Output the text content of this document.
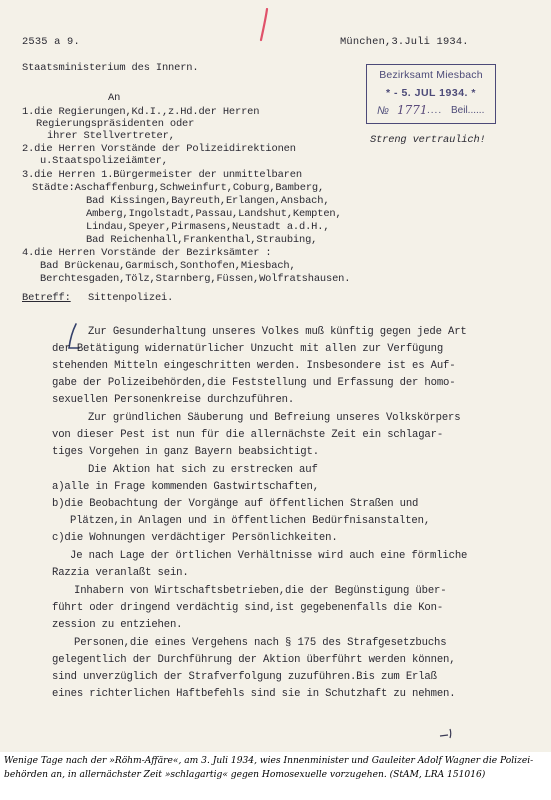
2535 a 9.	München,3.Juli 1934.
Staatsministerium des Innern.
An
1.die Regierungen,Kd.I.,z.Hd.der Herren
Regierungspräsidenten oder
ihrer Stellvertreter,
2.die Herren Vorstände der Polizeidirektionen
u.Staatspolizeiämter,
3.die Herren 1.Bürgermeister der unmittelbaren
Städte:Aschaffenburg,Schweinfurt,Coburg,Bamberg,
Bad Kissingen,Bayreuth,Erlangen,Ansbach,
Amberg,Ingolstadt,Passau,Landshut,Kempten,
Lindau,Speyer,Pirmasens,Neustadt a.d.H.,
Bad Reichenhall,Frankenthal,Straubing,
4.die Herren Vorstände der Bezirksämter :
Bad Brückenau,Garmisch,Sonthofen,Miesbach,
Berchtesgaden,Tölz,Starnberg,Füssen,Wolfratshausen.
Bezirksamt Miesbach
* - 5. JUL 1934. *
№ 1771 .... Beil......
Streng vertraulich!
Betreff: Sittenpolizei.
Zur Gesunderhaltung unseres Volkes muß künftig gegen jede Art
der Betätigung widernatürlicher Unzucht mit allen zur Verfügung
stehenden Mitteln eingeschritten werden. Insbesondere ist es Auf-
gabe der Polizeibehörden,die Feststellung und Erfassung der homo-
sexuellen Personenkreise durchzuführen.
Zur gründlichen Säuberung und Befreiung unseres Volkskörpers
von dieser Pest ist nun für die allernächste Zeit ein schlagar-
tiges Vorgehen in ganz Bayern beabsichtigt.
Die Aktion hat sich zu erstrecken auf
a)alle in Frage kommenden Gastwirtschaften,
b)die Beobachtung der Vorgänge auf öffentlichen Straßen und
Plätzen,in Anlagen und in öffentlichen Bedürfnisanstalten,
c)die Wohnungen verdächtiger Persönlichkeiten.
Je nach Lage der örtlichen Verhältnisse wird auch eine förmliche
Razzia veranlaßt sein.
Inhabern von Wirtschaftsbetrieben,die der Begünstigung über-
führt oder dringend verdächtig sind,ist gegebenenfalls die Kon-
zession zu entziehen.
Personen,die eines Vergehens nach § 175 des Strafgesetzbuchs
gelegentlich der Durchführung der Aktion überführt werden können,
sind unverzüglich der Strafverfolgung zuzuführen.Bis zum Erlaß
eines richterlichen Haftbefehls sind sie in Schutzhaft zu nehmen.
Wenige Tage nach der »Röhm-Affäre«, am 3. Juli 1934, wies Innenminister und Gauleiter Adolf Wagner die Polizei-
behörden an, in allernächster Zeit »schlagartig« gegen Homosexuelle vorzugehen. (StAM, LRA 151016)
